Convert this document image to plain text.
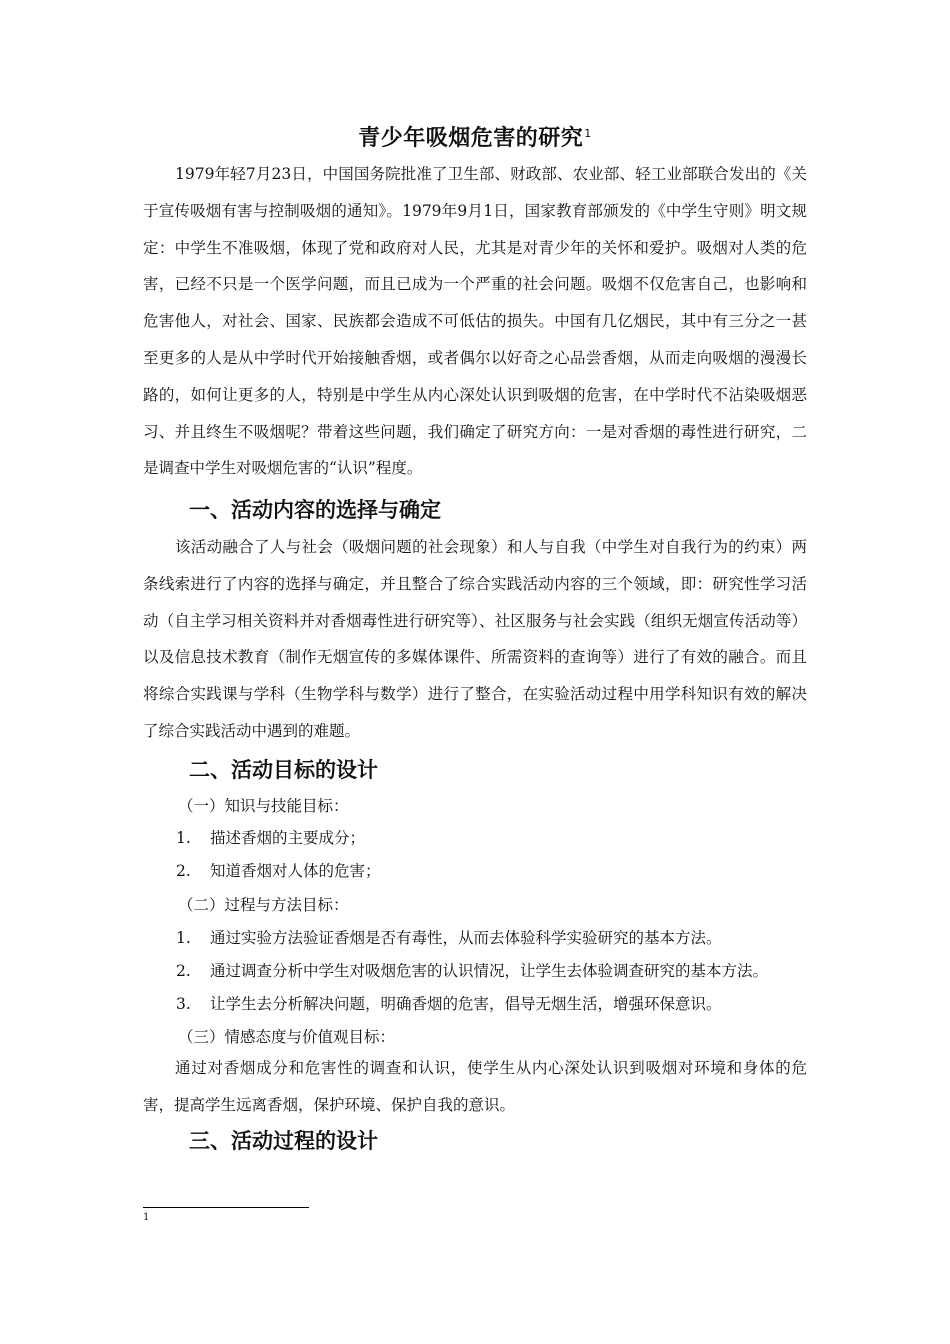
青少年吸烟危害的研究$^1$

1979年轻7月23日，中国国务院批准了卫生部、财政部、农业部、轻工业部联合发出的《关于宣传吸烟有害与控制吸烟的通知》。1979年9月1日，国家教育部颁发的《中学生守则》明文规定：中学生不准吸烟，体现了党和政府对人民，尤其是对青少年的关怀和爱护。吸烟对人类的危害，已经不只是一个医学问题，而且已成为一个严重的社会问题。吸烟不仅危害自己，也影响和危害他人，对社会、国家、民族都会造成不可低估的损失。中国有几亿烟民，其中有三分之一甚至更多的人是从中学时代开始接触香烟，或者偶尔以好奇之心品尝香烟，从而走向吸烟的漫漫长路的，如何让更多的人，特别是中学生从内心深处认识到吸烟的危害，在中学时代不沾染吸烟恶习、并且终生不吸烟呢？带着这些问题，我们确定了研究方向：一是对香烟的毒性进行研究，二是调查中学生对吸烟危害的“认识”程度。

一、活动内容的选择与确定

该活动融合了人与社会（吸烟问题的社会现象）和人与自我（中学生对自我行为的约束）两条线索进行了内容的选择与确定，并且整合了综合实践活动内容的三个领域，即：研究性学习活动（自主学习相关资料并对香烟毒性进行研究等）、社区服务与社会实践（组织无烟宣传活动等）以及信息技术教育（制作无烟宣传的多媒体课件、所需资料的查询等）进行了有效的融合。而且将综合实践课与学科（生物学科与数学）进行了整合，在实验活动过程中用学科知识有效的解决了综合实践活动中遇到的难题。

二、活动目标的设计
（一）知识与技能目标：
1. 描述香烟的主要成分；
2. 知道香烟对人体的危害；
（二）过程与方法目标：
1. 通过实验方法验证香烟是否有毒性，从而去体验科学实验研究的基本方法。
2. 通过调查分析中学生对吸烟危害的认识情况，让学生去体验调查研究的基本方法。
3. 让学生去分析解决问题，明确香烟的危害，倡导无烟生活，增强环保意识。
（三）情感态度与价值观目标：

通过对香烟成分和危害性的调查和认识，使学生从内心深处认识到吸烟对环境和身体的危害，提高学生远离香烟，保护环境、保护自我的意识。

三、活动过程的设计
1
